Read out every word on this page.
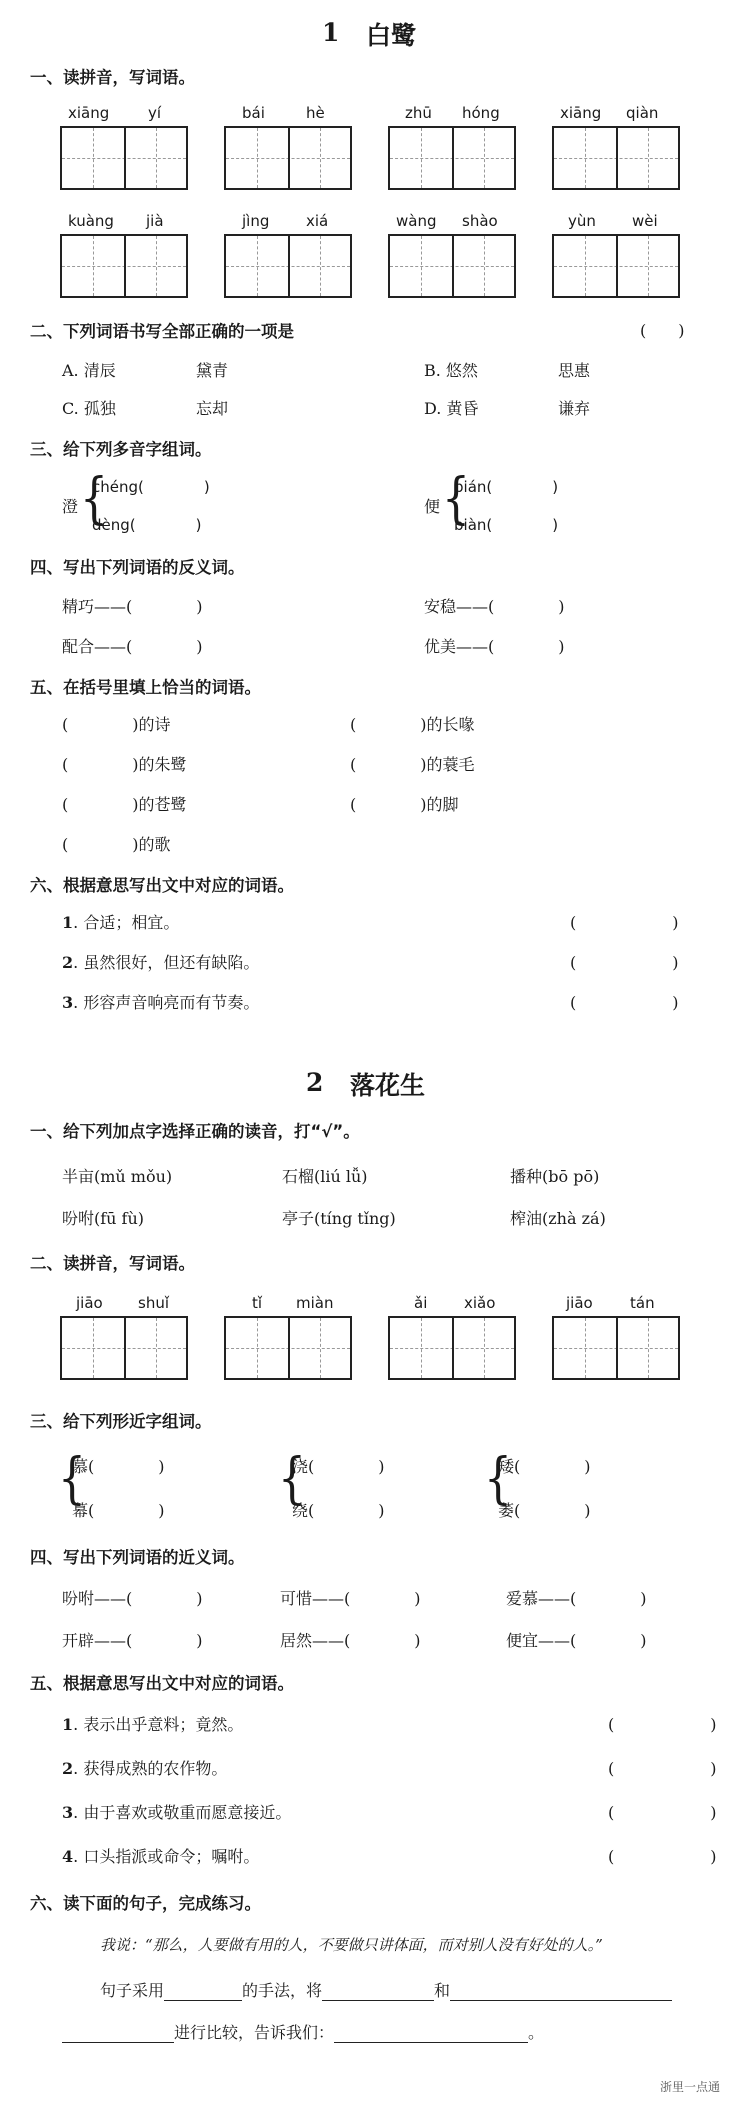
1 白鹭
一、读拼音，写词语。
xiāng	yí	bái	hè	zhū hóng	xiāng qiàn
kuàng jià	jìng xiá	wàng shào	yùn wèi
二、下列词语书写全部正确的一项是	(　　)
A. 清辰	黛青	B. 悠然	思惠
C. 孤独	忘却	D. 黄昏	谦弃
三、给下列多音字组词。
澄 {
chéng(　　　　)
dèng(　　　　)
便 {
pián(　　　　)
biàn(　　　　)
四、写出下列词语的反义词。
精巧——(　　　　)	安稳——(　　　　)
配合——(　　　　)	优美——(　　　　)
五、在括号里填上恰当的词语。
(　　　　)的诗	(　　　　)的长喙
(　　　　)的朱鹭	(　　　　)的蓑毛
(　　　　)的苍鹭	(　　　　)的脚
(　　　　)的歌
六、根据意思写出文中对应的词语。
1. 合适；相宜。	(　　　　　　)
2. 虽然很好，但还有缺陷。	(　　　　　　)
3. 形容声音响亮而有节奏。	(　　　　　　)
2 落花生
一、给下列加点字选择正确的读音，打“√”。
半亩(mǔ mǒu)	石榴(liú lǚ)	播种(bō pō)
吩咐(fū fù)	亭子(tíng tǐng)	榨油(zhà zá)
二、读拼音，写词语。
jiāo shuǐ	tǐ miàn	ǎi xiǎo	jiāo tán
三、给下列形近字组词。
{
慕(　　　　)
幕(　　　　)	{
浇(　　　　)
绕(　　　　) {
矮(　　　　)
萎(　　　　)
四、写出下列词语的近义词。
吩咐——(　　　　)	可惜——(　　　　)	爱慕——(　　　　)
开辟——(　　　　)	居然——(　　　　)	便宜——(　　　　)
五、根据意思写出文中对应的词语。
1. 表示出乎意料；竟然。	(　　　　　　)
2. 获得成熟的农作物。	(　　　　　　)
3. 由于喜欢或敬重而愿意接近。	(　　　　　　)
4. 口头指派或命令；嘱咐。	(　　　　　　)
六、读下面的句子，完成练习。
我说：“那么，人要做有用的人，不要做只讲体面，而对别人没有好处的人。”
句子采用	的手法，将	和
进行比较，告诉我们：	。
浙里一点通
